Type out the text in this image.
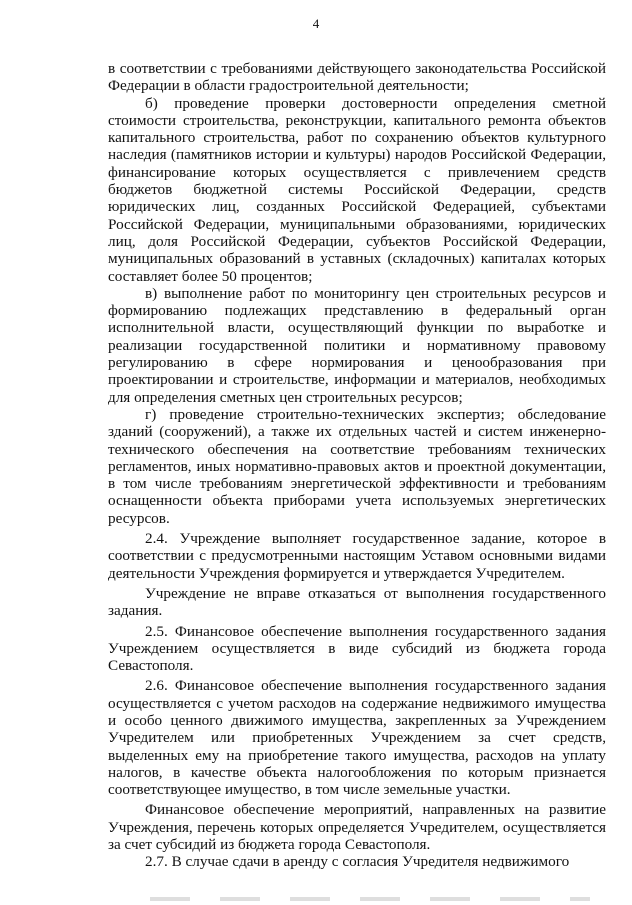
4

в соответствии с требованиями действующего законодательства Российской Федерации в области градостроительной деятельности;

б) проведение проверки достоверности определения сметной стоимости строительства, реконструкции, капитального ремонта объектов капитального строительства, работ по сохранению объектов культурного наследия (памятников истории и культуры) народов Российской Федерации, финансирование которых осуществляется с привлечением средств бюджетов бюджетной системы Российской Федерации, средств юридических лиц, созданных Российской Федерацией, субъектами Российской Федерации, муниципальными образованиями, юридических лиц, доля Российской Федерации, субъектов Российской Федерации, муниципальных образований в уставных (складочных) капиталах которых составляет более 50 процентов;

в) выполнение работ по мониторингу цен строительных ресурсов и формированию подлежащих представлению в федеральный орган исполнительной власти, осуществляющий функции по выработке и реализации государственной политики и нормативному правовому регулированию в сфере нормирования и ценообразования при проектировании и строительстве, информации и материалов, необходимых для определения сметных цен строительных ресурсов;

г) проведение строительно-технических экспертиз; обследование зданий (сооружений), а также их отдельных частей и систем инженерно-технического обеспечения на соответствие требованиям технических регламентов, иных нормативно-правовых актов и проектной документации, в том числе требованиям энергетической эффективности и требованиям оснащенности объекта приборами учета используемых энергетических ресурсов.

2.4. Учреждение выполняет государственное задание, которое в соответствии с предусмотренными настоящим Уставом основными видами деятельности Учреждения формируется и утверждается Учредителем.

Учреждение не вправе отказаться от выполнения государственного задания.

2.5. Финансовое обеспечение выполнения государственного задания Учреждением осуществляется в виде субсидий из бюджета города Севастополя.

2.6. Финансовое обеспечение выполнения государственного задания осуществляется с учетом расходов на содержание недвижимого имущества и особо ценного движимого имущества, закрепленных за Учреждением Учредителем или приобретенных Учреждением за счет средств, выделенных ему на приобретение такого имущества, расходов на уплату налогов, в качестве объекта налогообложения по которым признается соответствующее имущество, в том числе земельные участки.

Финансовое обеспечение мероприятий, направленных на развитие Учреждения, перечень которых определяется Учредителем, осуществляется за счет субсидий из бюджета города Севастополя.

2.7. В случае сдачи в аренду с согласия Учредителя недвижимого
